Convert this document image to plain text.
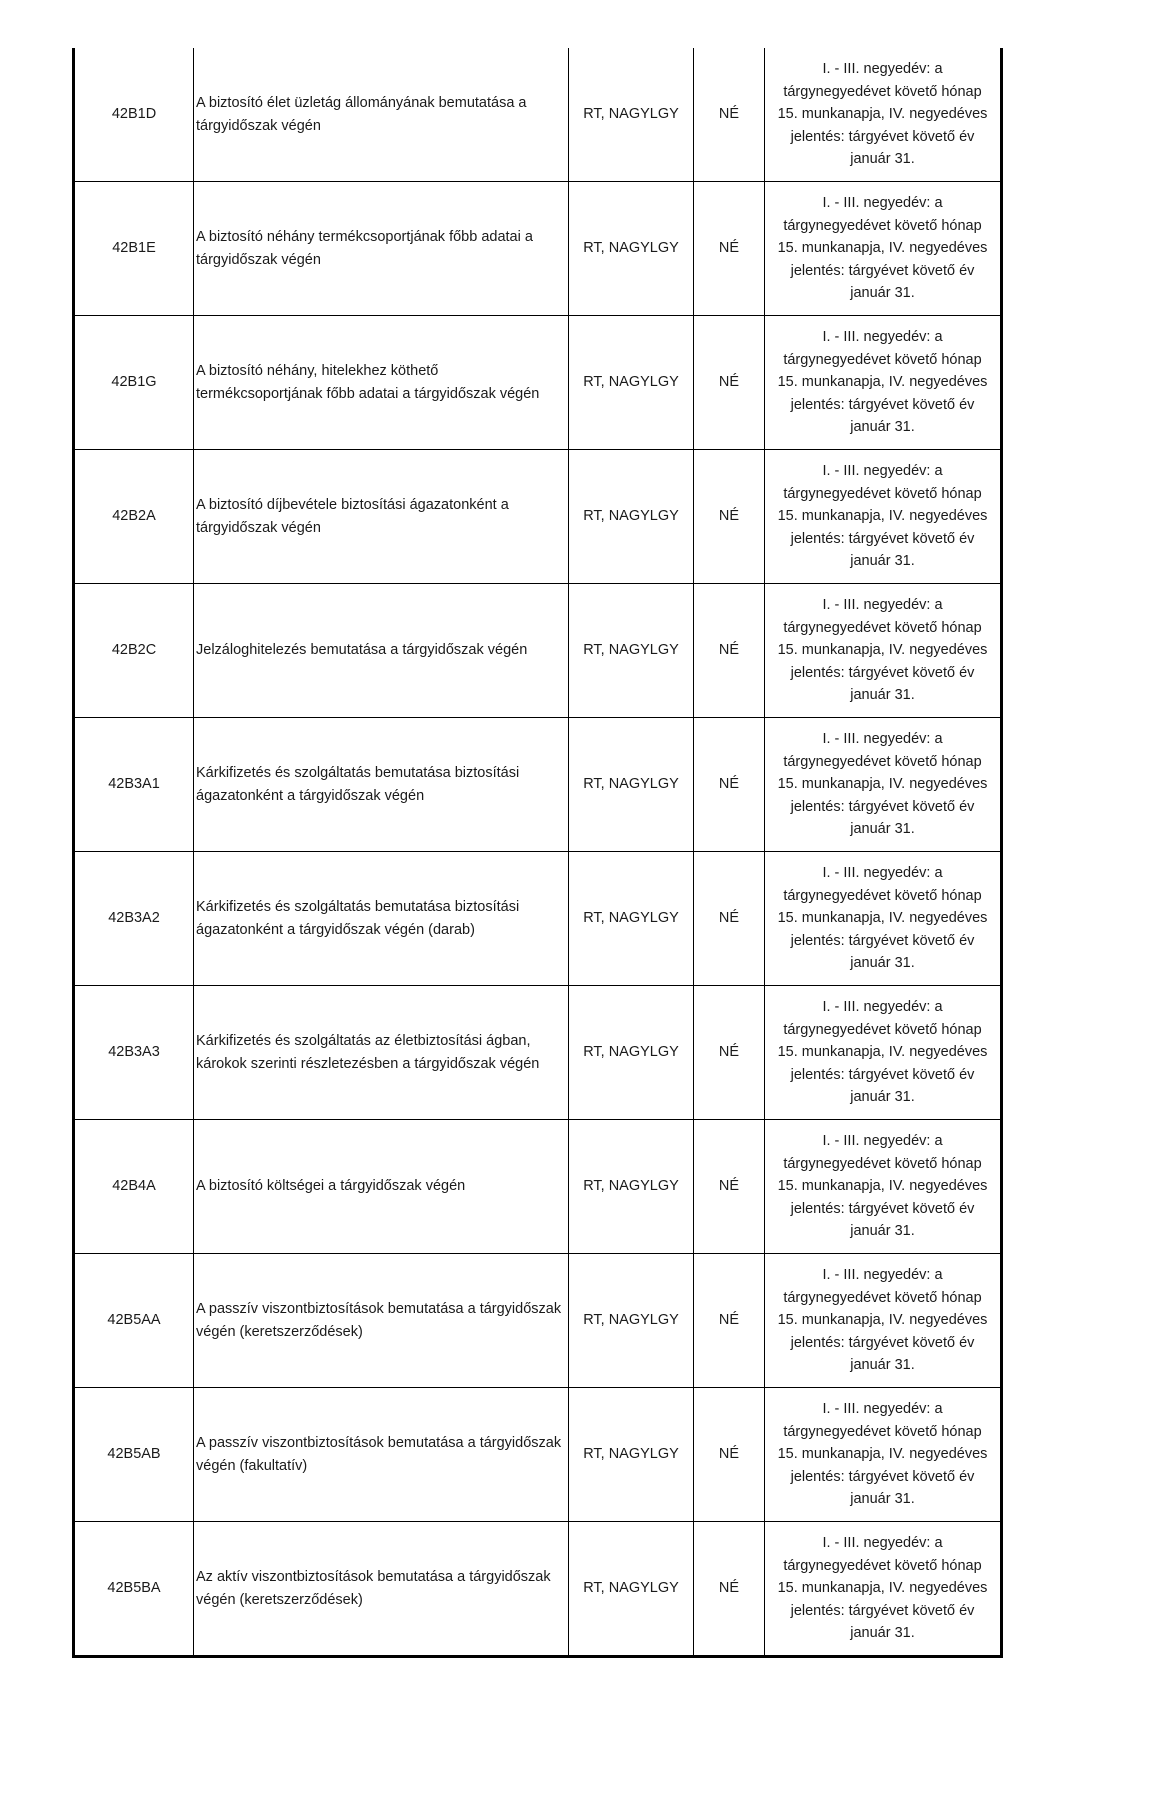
42B1D	A biztosító élet üzletág állományának bemutatása a tárgyidőszak végén	RT, NAGYLGY	NÉ	I. - III. negyedév: a
tárgynegyedévet követő hónap
15. munkanapja, IV. negyedéves
jelentés: tárgyévet követő év
január 31.

42B1E	A biztosító néhány termékcsoportjának főbb adatai a tárgyidőszak végén	RT, NAGYLGY	NÉ	I. - III. negyedév: a
tárgynegyedévet követő hónap
15. munkanapja, IV. negyedéves
jelentés: tárgyévet követő év
január 31.

42B1G	A biztosító néhány, hitelekhez köthető termékcsoportjának főbb adatai a tárgyidőszak végén	RT, NAGYLGY	NÉ	I. - III. negyedév: a
tárgynegyedévet követő hónap
15. munkanapja, IV. negyedéves
jelentés: tárgyévet követő év
január 31.

42B2A	A biztosító díjbevétele biztosítási ágazatonként a tárgyidőszak végén	RT, NAGYLGY	NÉ	I. - III. negyedév: a
tárgynegyedévet követő hónap
15. munkanapja, IV. negyedéves
jelentés: tárgyévet követő év
január 31.

42B2C	Jelzáloghitelezés bemutatása a tárgyidőszak végén	RT, NAGYLGY	NÉ	I. - III. negyedév: a
tárgynegyedévet követő hónap
15. munkanapja, IV. negyedéves
jelentés: tárgyévet követő év
január 31.

42B3A1	Kárkifizetés és szolgáltatás bemutatása biztosítási ágazatonként a tárgyidőszak végén	RT, NAGYLGY	NÉ	I. - III. negyedév: a
tárgynegyedévet követő hónap
15. munkanapja, IV. negyedéves
jelentés: tárgyévet követő év
január 31.

42B3A2	Kárkifizetés és szolgáltatás bemutatása biztosítási ágazatonként a tárgyidőszak végén (darab)	RT, NAGYLGY	NÉ	I. - III. negyedév: a
tárgynegyedévet követő hónap
15. munkanapja, IV. negyedéves
jelentés: tárgyévet követő év
január 31.

42B3A3	Kárkifizetés és szolgáltatás az életbiztosítási ágban, károkok szerinti részletezésben a tárgyidőszak végén	RT, NAGYLGY	NÉ	I. - III. negyedév: a
tárgynegyedévet követő hónap
15. munkanapja, IV. negyedéves
jelentés: tárgyévet követő év
január 31.

42B4A	A biztosító költségei a tárgyidőszak végén	RT, NAGYLGY	NÉ	I. - III. negyedév: a
tárgynegyedévet követő hónap
15. munkanapja, IV. negyedéves
jelentés: tárgyévet követő év
január 31.

42B5AA	A passzív viszontbiztosítások bemutatása a tárgyidőszak végén (keretszerződések)	RT, NAGYLGY	NÉ	I. - III. negyedév: a
tárgynegyedévet követő hónap
15. munkanapja, IV. negyedéves
jelentés: tárgyévet követő év
január 31.

42B5AB	A passzív viszontbiztosítások bemutatása a tárgyidőszak végén (fakultatív)	RT, NAGYLGY	NÉ	I. - III. negyedév: a
tárgynegyedévet követő hónap
15. munkanapja, IV. negyedéves
jelentés: tárgyévet követő év
január 31.

42B5BA	Az aktív viszontbiztosítások bemutatása a tárgyidőszak végén (keretszerződések)	RT, NAGYLGY	NÉ	I. - III. negyedév: a
tárgynegyedévet követő hónap
15. munkanapja, IV. negyedéves
jelentés: tárgyévet követő év
január 31.
